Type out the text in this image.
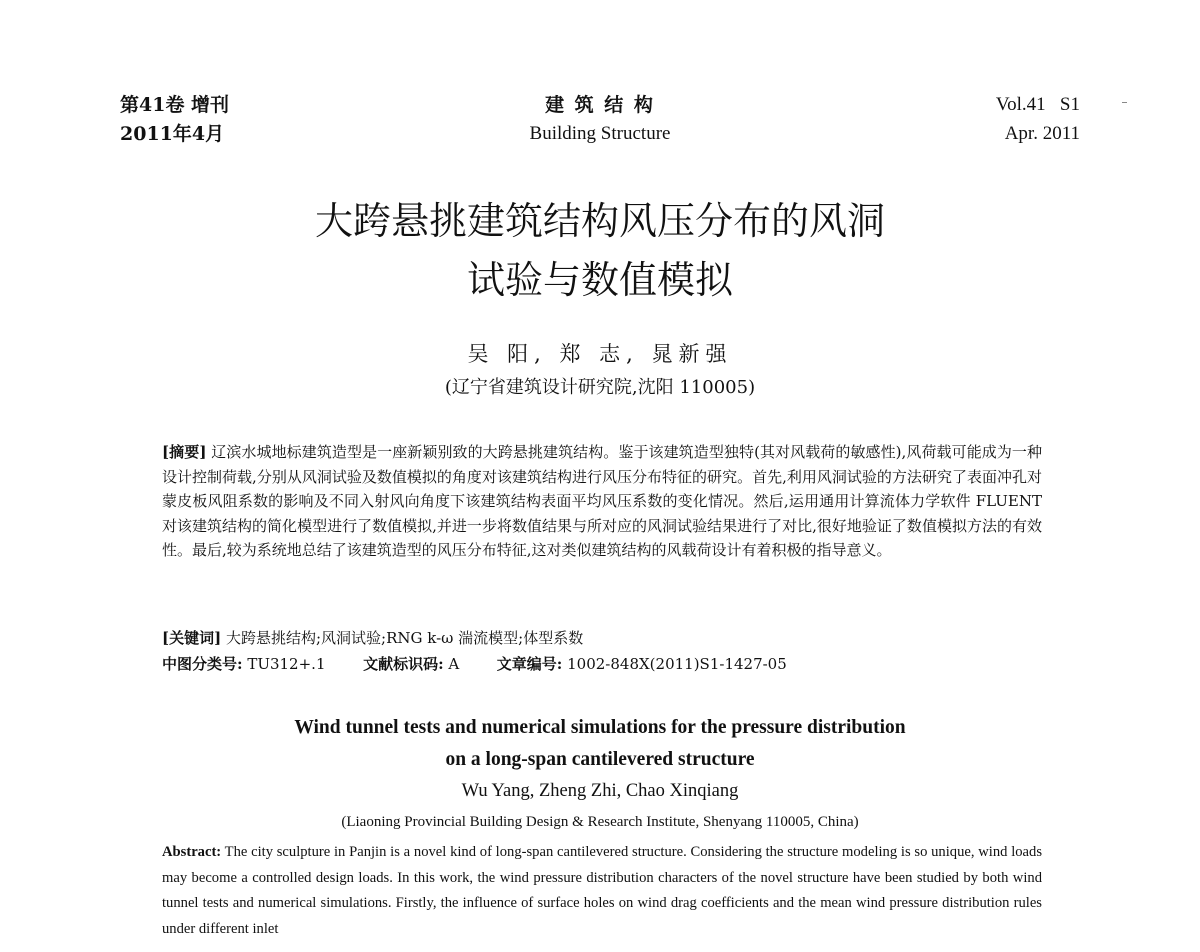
第41卷 增刊
2011年4月
建 筑 结 构
Building Structure
Vol.41   S1
Apr. 2011
大跨悬挑建筑结构风压分布的风洞
试验与数值模拟
吴 阳, 郑 志, 晁新强
(辽宁省建筑设计研究院,沈阳 110005)
[摘要] 辽滨水城地标建筑造型是一座新颖别致的大跨悬挑建筑结构。鉴于该建筑造型独特(其对风载荷的敏感性),风荷载可能成为一种设计控制荷载,分别从风洞试验及数值模拟的角度对该建筑结构进行风压分布特征的研究。首先,利用风洞试验的方法研究了表面冲孔对蒙皮板风阻系数的影响及不同入射风向角度下该建筑结构表面平均风压系数的变化情况。然后,运用通用计算流体力学软件 FLUENT 对该建筑结构的简化模型进行了数值模拟,并进一步将数值结果与所对应的风洞试验结果进行了对比,很好地验证了数值模拟方法的有效性。最后,较为系统地总结了该建筑造型的风压分布特征,这对类似建筑结构的风载荷设计有着积极的指导意义。
[关键词] 大跨悬挑结构;风洞试验;RNG k-ω 湍流模型;体型系数
中图分类号: TU312+.1	文献标识码: A	文章编号: 1002-848X(2011)S1-1427-05
Wind tunnel tests and numerical simulations for the pressure distribution
on a long-span cantilevered structure
Wu Yang, Zheng Zhi, Chao Xinqiang
(Liaoning Provincial Building Design & Research Institute, Shenyang 110005, China)
Abstract: The city sculpture in Panjin is a novel kind of long-span cantilevered structure. Considering the structure modeling is so unique, wind loads may become a controlled design loads. In this work, the wind pressure distribution characters of the novel structure have been studied by both wind tunnel tests and numerical simulations. Firstly, the influence of surface holes on wind drag coefficients and the mean wind pressure distribution rules under different inlet
